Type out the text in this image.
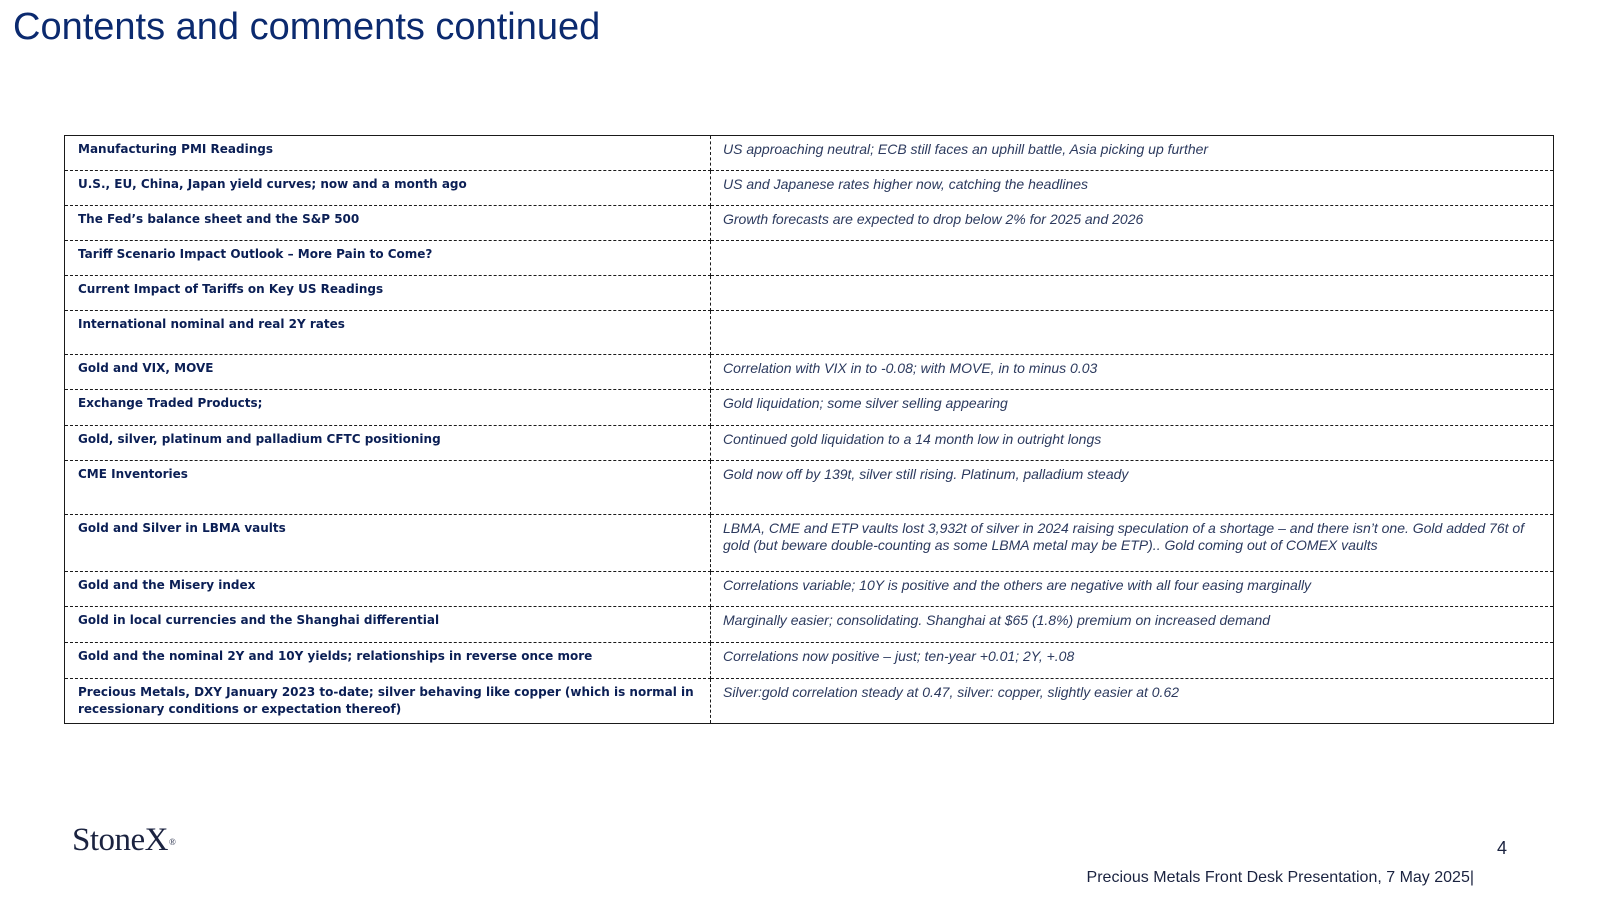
Contents and comments continued
Manufacturing PMI Readings	US approaching neutral; ECB still faces an uphill battle, Asia picking up further

U.S., EU, China, Japan yield curves; now and a month ago	US and Japanese rates higher now, catching the headlines

The Fed’s balance sheet and the S&P 500	Growth forecasts are expected to drop below 2% for 2025 and 2026

Tariff Scenario Impact Outlook – More Pain to Come?	

Current Impact of Tariffs on Key US Readings	

International nominal and real 2Y rates	

Gold and VIX, MOVE	Correlation with VIX in to -0.08; with MOVE, in to minus 0.03

Exchange Traded Products;	Gold liquidation; some silver selling appearing

Gold, silver, platinum and palladium CFTC positioning	Continued gold liquidation to a 14 month low in outright longs

CME Inventories	Gold now off by 139t, silver still rising. Platinum, palladium steady

Gold and Silver in LBMA vaults	LBMA, CME and ETP vaults lost 3,932t of silver in 2024 raising speculation of a shortage – and there isn’t one. Gold added 76t of gold (but beware double-counting as some LBMA metal may be ETP).. Gold coming out of COMEX vaults

Gold and the Misery index	Correlations variable; 10Y is positive and the others are negative with all four easing marginally

Gold in local currencies and the Shanghai differential	Marginally easier; consolidating. Shanghai at $65 (1.8%) premium on increased demand

Gold and the nominal 2Y and 10Y yields; relationships in reverse once more	Correlations now positive – just; ten-year +0.01; 2Y, +.08

Precious Metals, DXY January 2023 to-date; silver behaving like copper (which is normal in recessionary conditions or expectation thereof)	Silver:gold correlation steady at 0.47, silver: copper, slightly easier at 0.62
StoneX®	4
Precious Metals Front Desk Presentation, 7 May 2025|
